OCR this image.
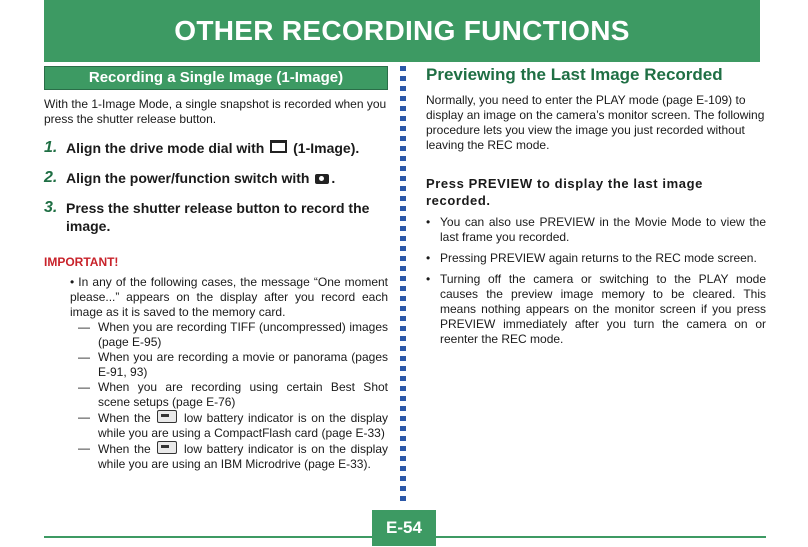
OTHER RECORDING FUNCTIONS
Recording a Single Image (1-Image)

With the 1-Image Mode, a single snapshot is recorded when you press the shutter release button.

1. Align the drive mode dial with (1-Image).
2. Align the power/function switch with .
3. Press the shutter release button to record the image.
IMPORTANT!
• In any of the following cases, the message “One moment please...” appears on the display after you record each image as it is saved to the memory card.
— When you are recording TIFF (uncompressed) images (page E-95)
— When you are recording a movie or panorama (pages E-91, 93)
— When you are recording using certain Best Shot scene setups (page E-76)
— When the	low battery indicator is on the display while you are using a CompactFlash card (page E-33)
— When the	low battery indicator is on the display while you are using an IBM Microdrive (page E-33).
Previewing the Last Image Recorded

Normally, you need to enter the PLAY mode (page E-109) to display an image on the camera’s monitor screen. The following procedure lets you view the image you just recorded without leaving the REC mode.

Press PREVIEW to display the last image recorded.
• You can also use PREVIEW in the Movie Mode to view the last frame you recorded.
• Pressing PREVIEW again returns to the REC mode screen.
• Turning off the camera or switching to the PLAY mode causes the preview image memory to be cleared. This means nothing appears on the monitor screen if you press PREVIEW immediately after you turn the camera on or reenter the REC mode.
E-54
